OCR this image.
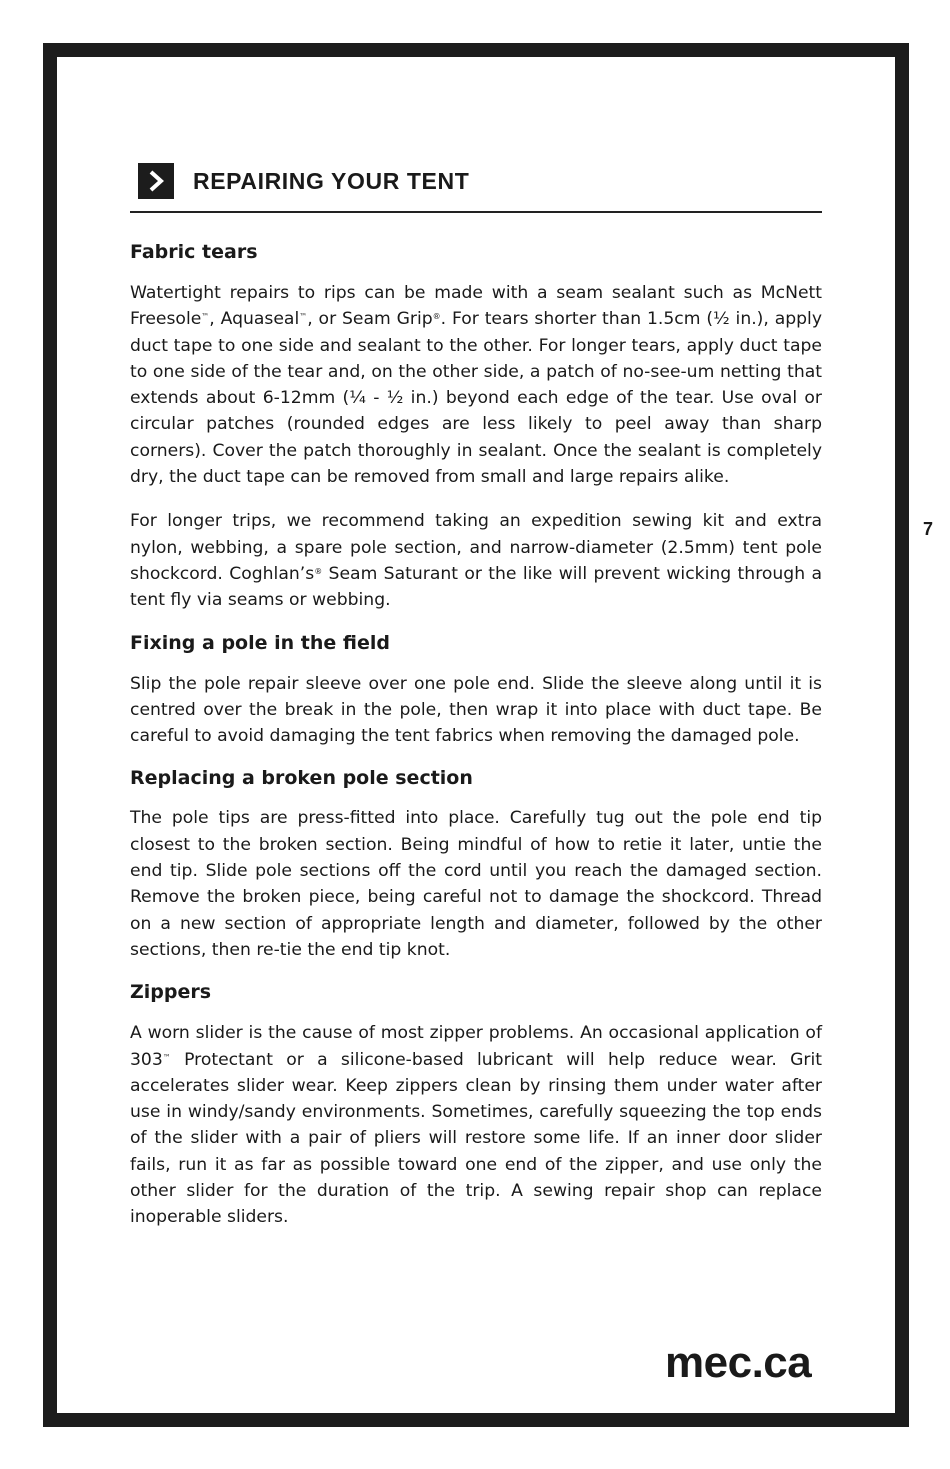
REPAIRING YOUR TENT
Fabric tears

Watertight repairs to rips can be made with a seam sealant such as McNett Freesole™, Aquaseal™, or Seam Grip®. For tears shorter than 1.5cm (¹⁄₂ in.), apply duct tape to one side and sealant to the other. For longer tears, apply duct tape to one side of the tear and, on the other side, a patch of no-see-um netting that extends about 6-12mm (¹⁄₄ - ¹⁄₂ in.) beyond each edge of the tear. Use oval or circular patches (rounded edges are less likely to peel away than sharp corners). Cover the patch thoroughly in sealant. Once the sealant is completely dry, the duct tape can be removed from small and large repairs alike.

For longer trips, we recommend taking an expedition sewing kit and extra nylon, webbing, a spare pole section, and narrow-diameter (2.5mm) tent pole shockcord. Coghlan’s® Seam Saturant or the like will prevent wicking through a tent fly via seams or webbing.

Fixing a pole in the field

Slip the pole repair sleeve over one pole end. Slide the sleeve along until it is centred over the break in the pole, then wrap it into place with duct tape. Be careful to avoid damaging the tent fabrics when removing the damaged pole.

Replacing a broken pole section

The pole tips are press-fitted into place. Carefully tug out the pole end tip closest to the broken section. Being mindful of how to retie it later, untie the end tip. Slide pole sections off the cord until you reach the damaged section. Remove the broken piece, being careful not to damage the shockcord. Thread on a new section of appropriate length and diameter, followed by the other sections, then re-tie the end tip knot.

Zippers

A worn slider is the cause of most zipper problems. An occasional application of 303™ Protectant or a silicone-based lubricant will help reduce wear. Grit accelerates slider wear. Keep zippers clean by rinsing them under water after use in windy/sandy environments. Sometimes, carefully squeezing the top ends of the slider with a pair of pliers will restore some life. If an inner door slider fails, run it as far as possible toward one end of the zipper, and use only the other slider for the duration of the trip. A sewing repair shop can replace inoperable sliders.

7
mec.ca
